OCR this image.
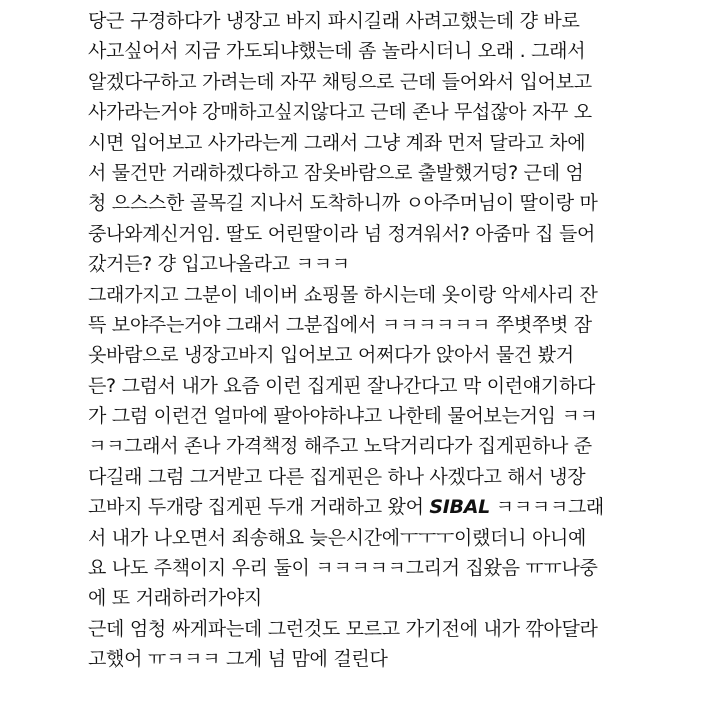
당근 구경하다가 냉장고 바지 파시길래 사려고했는데 걍 바로
사고싶어서 지금 가도되냐했는데 좀 놀라시더니 오래 . 그래서
알겠다구하고 가려는데 자꾸 채팅으로 근데 들어와서 입어보고
사가라는거야 강매하고싶지않다고 근데 존나 무섭잖아 자꾸 오
시면 입어보고 사가라는게 그래서 그냥 계좌 먼저 달라고 차에
서 물건만 거래하겠다하고 잠옷바람으로 출발했거덩? 근데 엄
청 으스스한 골목길 지나서 도착하니까 ㅇ아주머님이 딸이랑 마
중나와계신거임. 딸도 어린딸이라 넘 정겨워서? 아줌마 집 들어
갔거든? 걍 입고나올라고 ㅋㅋㅋ
그래가지고 그분이 네이버 쇼핑몰 하시는데 옷이랑 악세사리 잔
뜩 보야주는거야 그래서 그분집에서 ㅋㅋㅋㅋㅋㅋ 쭈볏쭈볏 잠
옷바람으로 냉장고바지 입어보고 어쩌다가 앉아서 물건 봤거
든? 그럼서 내가 요즘 이런 집게핀 잘나간다고 막 이런얘기하다
가 그럼 이런건 얼마에 팔아야하냐고 나한테 물어보는거임 ㅋㅋ
ㅋㅋ그래서 존나 가격책정 해주고 노닥거리다가 집게핀하나 준
다길래 그럼 그거받고 다른 집게핀은 하나 사겠다고 해서 냉장
고바지 두개랑 집게핀 두개 거래하고 왔어 SIBAL ㅋㅋㅋㅋ그래
서 내가 나오면서 죄송해요 늦은시간에ㅜㅜㅜ이랬더니 아니예
요 나도 주책이지 우리 둘이 ㅋㅋㅋㅋㅋ그리거 집왔음 ㅠㅠ나중
에 또 거래하러가야지
근데 엄청 싸게파는데 그런것도 모르고 가기전에 내가 깎아달라
고했어 ㅠㅋㅋㅋ 그게 넘 맘에 걸린다
